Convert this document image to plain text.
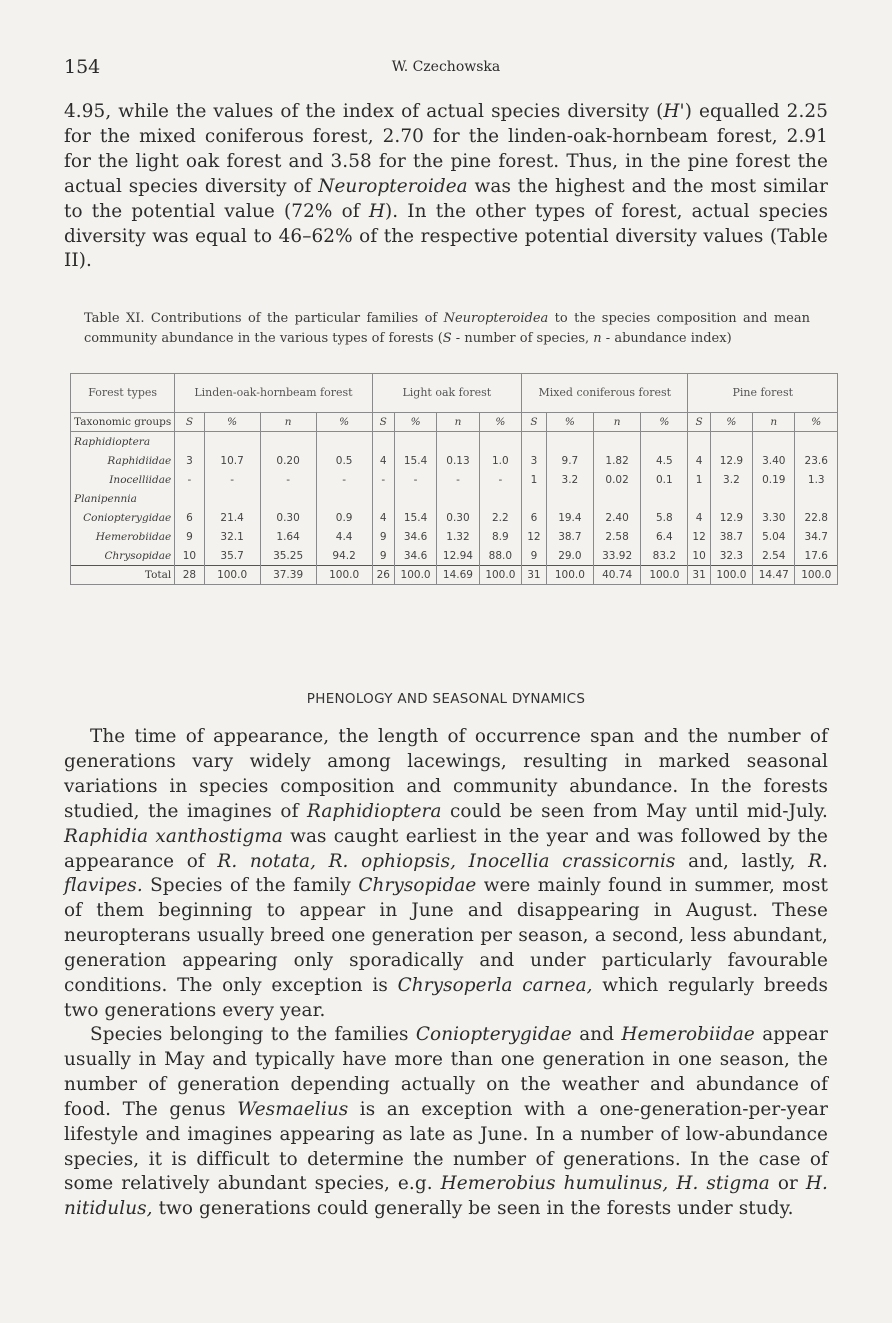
154	W. Czechowska
4.95, while the values of the index of actual species diversity (H') equalled 2.25 for the mixed coniferous forest, 2.70 for the linden-oak-hornbeam forest, 2.91 for the light oak forest and 3.58 for the pine forest. Thus, in the pine forest the actual species diversity of Neuropteroidea was the highest and the most similar to the potential value (72% of H). In the other types of forest, actual species diversity was equal to 46–62% of the respective potential diversity values (Table II).
Table XI. Contributions of the particular families of Neuropteroidea to the species composition and mean community abundance in the various types of forests (S - number of species, n - abundance index)
Forest types	Linden-oak-hornbeam forest				Light oak forest				Mixed coniferous forest				Pine forest			
Taxonomic groups	S	%	n	%	S	%	n	%	S	%	n	%	S	%	n	%
Raphidioptera																
Raphidiidae	3	10.7	0.20	0.5	4	15.4	0.13	1.0	3	9.7	1.82	4.5	4	12.9	3.40	23.6
Inocelliidae	-	-	-	-	-	-	-	-	1	3.2	0.02	0.1	1	3.2	0.19	1.3
Planipennia																
Coniopterygidae	6	21.4	0.30	0.9	4	15.4	0.30	2.2	6	19.4	2.40	5.8	4	12.9	3.30	22.8
Hemerobiidae	9	32.1	1.64	4.4	9	34.6	1.32	8.9	12	38.7	2.58	6.4	12	38.7	5.04	34.7
Chrysopidae	10	35.7	35.25	94.2	9	34.6	12.94	88.0	9	29.0	33.92	83.2	10	32.3	2.54	17.6
Total	28	100.0	37.39	100.0	26	100.0	14.69	100.0	31	100.0	40.74	100.0	31	100.0	14.47	100.0
PHENOLOGY AND SEASONAL DYNAMICS
The time of appearance, the length of occurrence span and the number of generations vary widely among lacewings, resulting in marked seasonal variations in species composition and community abundance. In the forests studied, the imagines of Raphidioptera could be seen from May until mid-July. Raphidia xanthostigma was caught earliest in the year and was followed by the appearance of R. notata, R. ophiopsis, Inocellia crassicornis and, lastly, R. flavipes. Species of the family Chrysopidae were mainly found in summer, most of them beginning to appear in June and disappearing in August. These neuropterans usually breed one generation per season, a second, less abundant, generation appearing only sporadically and under particularly favourable conditions. The only exception is Chrysoperla carnea, which regularly breeds two generations every year.
Species belonging to the families Coniopterygidae and Hemerobiidae appear usually in May and typically have more than one generation in one season, the number of generation depending actually on the weather and abundance of food. The genus Wesmaelius is an exception with a one-generation-per-year lifestyle and imagines appearing as late as June. In a number of low-abundance species, it is difficult to determine the number of generations. In the case of some relatively abundant species, e.g. Hemerobius humulinus, H. stigma or H. nitidulus, two generations could generally be seen in the forests under study.
